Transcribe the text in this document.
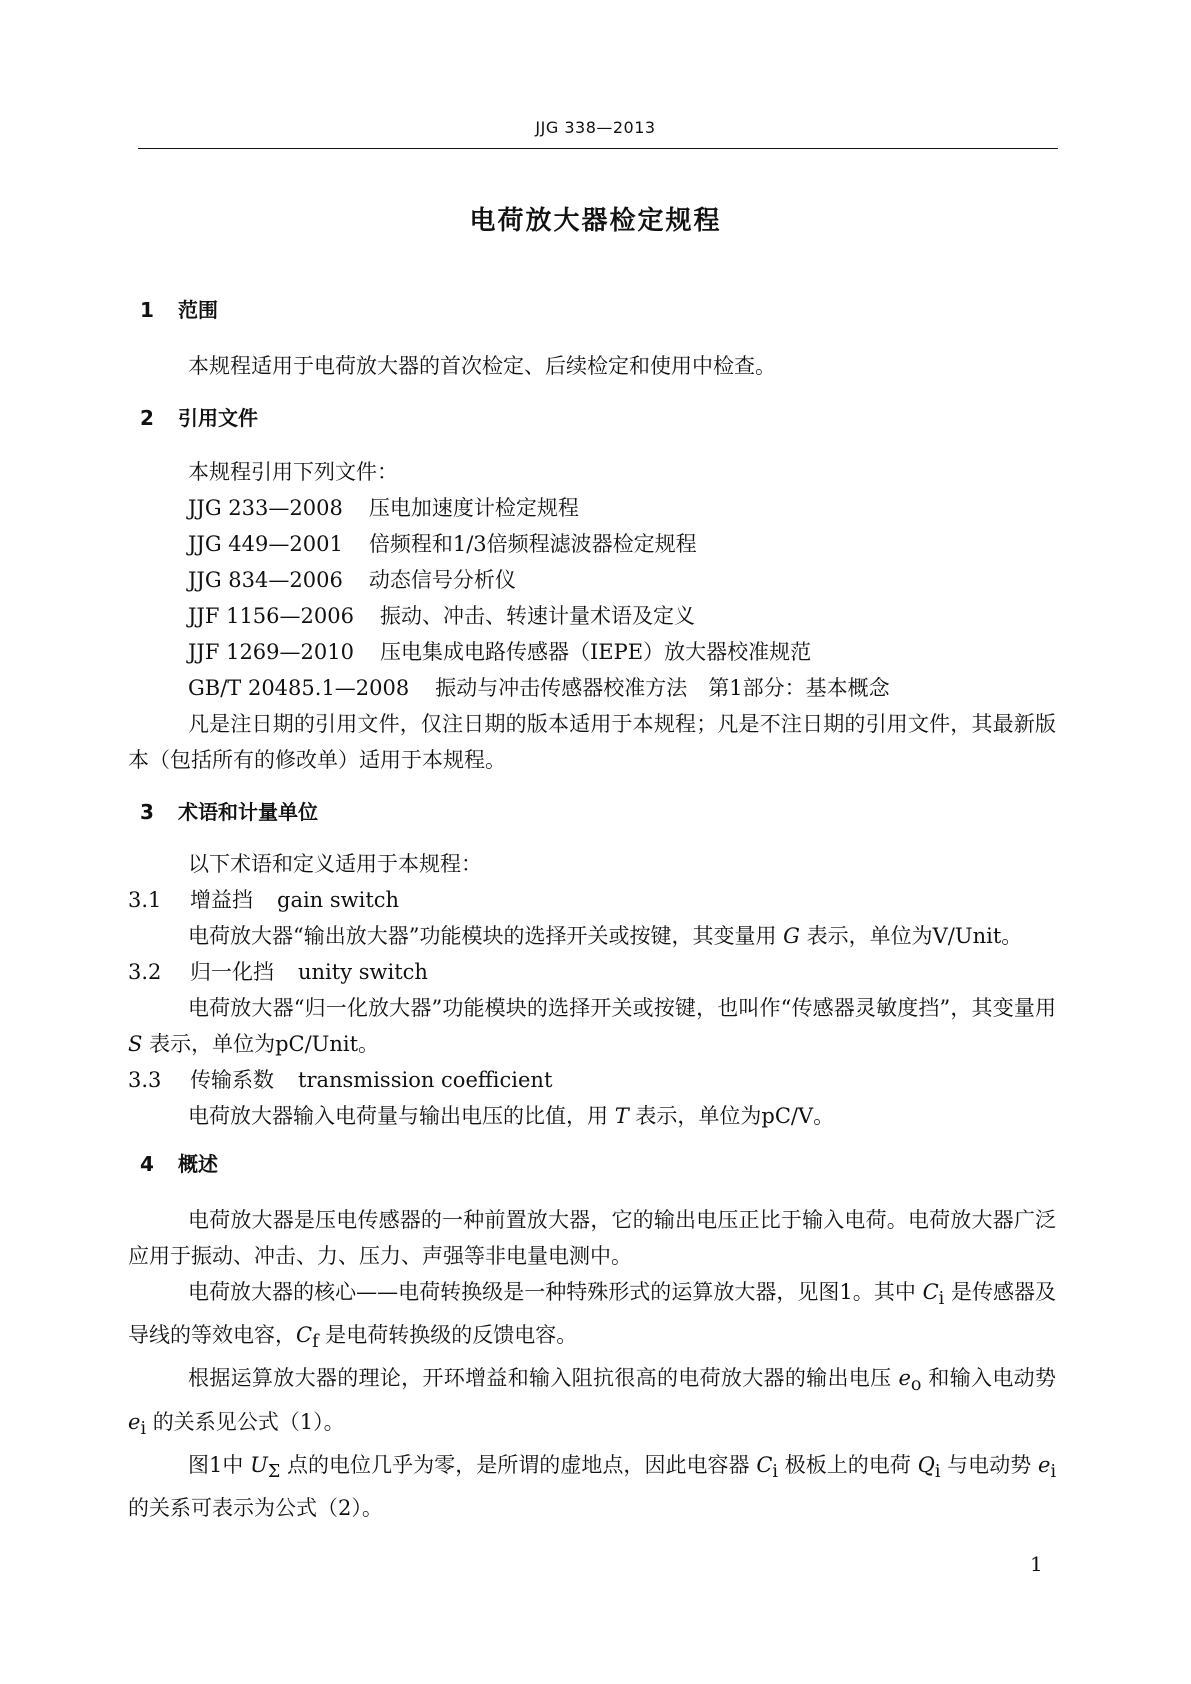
JJG 338—2013
电荷放大器检定规程
1 范围
本规程适用于电荷放大器的首次检定、后续检定和使用中检查。
2 引用文件
本规程引用下列文件：
JJG 233—2008 压电加速度计检定规程
JJG 449—2001 倍频程和1/3倍频程滤波器检定规程
JJG 834—2006 动态信号分析仪
JJF 1156—2006 振动、冲击、转速计量术语及定义
JJF 1269—2010 压电集成电路传感器（IEPE）放大器校准规范
GB/T 20485.1—2008 振动与冲击传感器校准方法　第1部分：基本概念
凡是注日期的引用文件，仅注日期的版本适用于本规程；凡是不注日期的引用文件，其最新版本（包括所有的修改单）适用于本规程。
3 术语和计量单位
以下术语和定义适用于本规程：
3.1 增益挡 gain switch
电荷放大器“输出放大器”功能模块的选择开关或按键，其变量用 G 表示，单位为V/Unit。
3.2 归一化挡 unity switch
电荷放大器“归一化放大器”功能模块的选择开关或按键，也叫作“传感器灵敏度挡”，其变量用 S 表示，单位为pC/Unit。
3.3 传输系数 transmission coefficient
电荷放大器输入电荷量与输出电压的比值，用 T 表示，单位为pC/V。
4 概述
电荷放大器是压电传感器的一种前置放大器，它的输出电压正比于输入电荷。电荷放大器广泛应用于振动、冲击、力、压力、声强等非电量电测中。
电荷放大器的核心——电荷转换级是一种特殊形式的运算放大器，见图1。其中 $C_i$ 是传感器及导线的等效电容，$C_f$ 是电荷转换级的反馈电容。
根据运算放大器的理论，开环增益和输入阻抗很高的电荷放大器的输出电压 $e_o$ 和输入电动势 $e_i$ 的关系见公式（1）。
图1中 $U_\Sigma$ 点的电位几乎为零，是所谓的虚地点，因此电容器 $C_i$ 极板上的电荷 $Q_i$ 与电动势 $e_i$ 的关系可表示为公式（2）。
1
